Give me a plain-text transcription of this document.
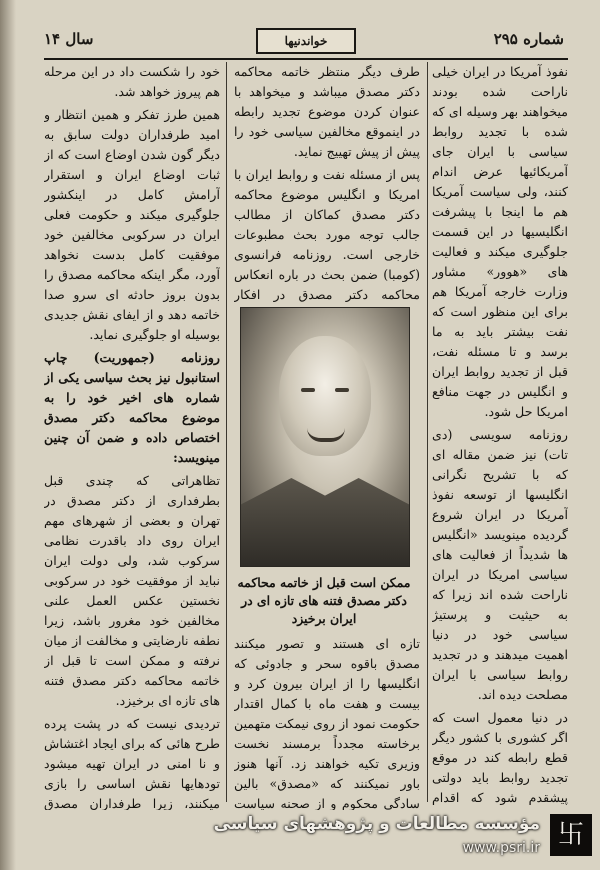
شماره ۲۹۵
خواندنیها
سال ۱۴

نفوذ آمریکا در ایران خیلی ناراحت شده بودند میخواهند بهر وسیله ای که شده با تجدید روابط سیاسی با ایران جای آمریکائیها عرض اندام کنند، ولی سیاست آمریکا هم ما اینجا با پیشرفت انگلیسیها در این قسمت جلوگیری میکند و فعالیت های «هوور» مشاور وزارت خارجه آمریکا هم برای این منظور است که نفت بیشتر باید به ما برسد و تا مسئله نفت، قبل از تجدید روابط ایران و انگلیس در جهت منافع امریکا حل شود.

روزنامه سویسی (دی تات) نیز ضمن مقاله ای که با تشریح نگرانی انگلیسها از توسعه نفوذ آمریکا در ایران شروع گردیده مینویسد «انگلیس ها شدیداً از فعالیت های سیاسی امریکا در ایران ناراحت شده اند زیرا که به حیثیت و پرستیژ سیاسی خود در دنیا اهمیت میدهند و در تجدید روابط سیاسی با ایران مصلحت دیده اند.

در دنیا معمول است که اگر کشوری با کشور دیگر قطع رابطه کند در موقع تجدید روابط باید دولتی پیشقدم شود که اقدام

طرف دیگر منتظر خاتمه محاکمه دکتر مصدق میباشد و میخواهد با عنوان کردن موضوع تجدید رابطه در اینموقع مخالفین سیاسی خود را پیش از پیش تهییج نماید.

پس از مسئله نفت و روابط ایران با امریکا و انگلیس موضوع محاکمه دکتر مصدق کماکان از مطالب جالب توجه مورد بحث مطبوعات خارجی است. روزنامه فرانسوی (کومبا) ضمن بحث در باره انعکاس محاکمه دکتر مصدق در افکار

ممکن است قبل از خاتمه محاکمه دکتر مصدق فتنه های تازه ای در ایران برخیزد

تازه ای هستند و تصور میکنند مصدق باقوه سحر و جادوئی که انگلیسها را از ایران بیرون کرد و بیست و هفت ماه با کمال اقتدار حکومت نمود از روی نیمکت متهمین برخاسته مجدداً برمسند نخست وزیری تکیه خواهند زد. آنها هنوز باور نمیکنند که «مصدق» بالین سادگی محکوم و از صحنه سیاست

خود را شکست داد در این مرحله هم پیروز خواهد شد.

همین طرز تفکر و همین انتظار و امید طرفداران دولت سابق به دیگر گون شدن اوضاع است که از ثبات اوضاع ایران و استقرار آرامش کامل در اینکشور جلوگیری میکند و حکومت فعلی ایران در سرکوبی مخالفین خود موفقیت کامل بدست نخواهد آورد، مگر اینکه محاکمه مصدق را بدون بروز حادثه ای سرو صدا خاتمه دهد و از ایفای نقش جدیدی بوسیله او جلوگیری نماید.

روزنامه (جمهوریت) چاپ استانبول نیز بحث سیاسی یکی از شماره های اخیر خود را به موضوع محاکمه دکتر مصدق اختصاص داده و ضمن آن چنین مینویسد:

تظاهراتی که چندی قبل بطرفداری از دکتر مصدق در تهران و بعضی از شهرهای مهم ایران روی داد باقدرت نظامی سرکوب شد، ولی دولت ایران نباید از موفقیت خود در سرکوبی نخستین عکس العمل علنی مخالفین خود مغرور باشد، زیرا نطفه نارضایتی و مخالفت از میان نرفته و ممکن است تا قبل از خاتمه محاکمه دکتر مصدق فتنه های تازه ای برخیزد.

تردیدی نیست که در پشت پرده طرح هائی که برای ایجاد اغتشاش و نا امنی در ایران تهیه میشود تودهایها نقش اساسی را بازی میکنند، زیرا طرفداران مصدق

卐
مؤسسه مطالعات و پژوهشهای سیاسی
www.psri.ir
